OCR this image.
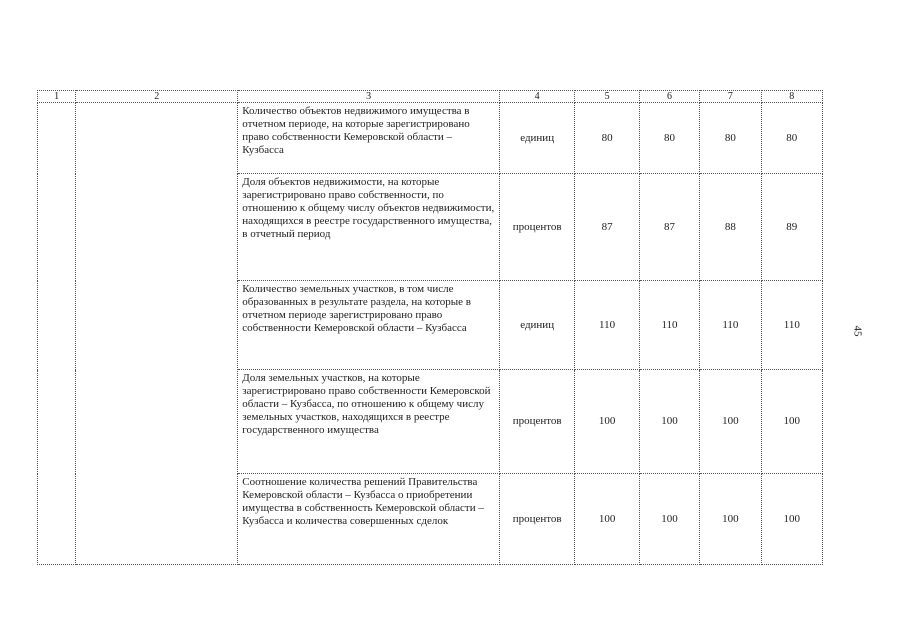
1	2	3	4	5	6	7	8
		Количество объектов недвижимого имущества в отчетном периоде, на которые зарегистрировано право собственности Кемеровской области – Кузбасса	единиц	80	80	80	80
		Доля объектов недвижимости, на которые зарегистрировано право собственности, по отношению к общему числу объектов недвижимости, находящихся в реестре государственного имущества, в отчетный период	процентов	87	87	88	89
		Количество земельных участков, в том числе образованных в результате раздела, на которые в отчетном периоде зарегистрировано право собственности Кемеровской области – Кузбасса	единиц	110	110	110	110
		Доля земельных участков, на которые зарегистрировано право собственности Кемеровской области – Кузбасса, по отношению к общему числу земельных участков, находящихся в реестре государственного имущества	процентов	100	100	100	100
		Соотношение количества решений Правительства Кемеровской области – Кузбасса о приобретении имущества в собственность Кемеровской области – Кузбасса и количества совершенных сделок	процентов	100	100	100	100
45
